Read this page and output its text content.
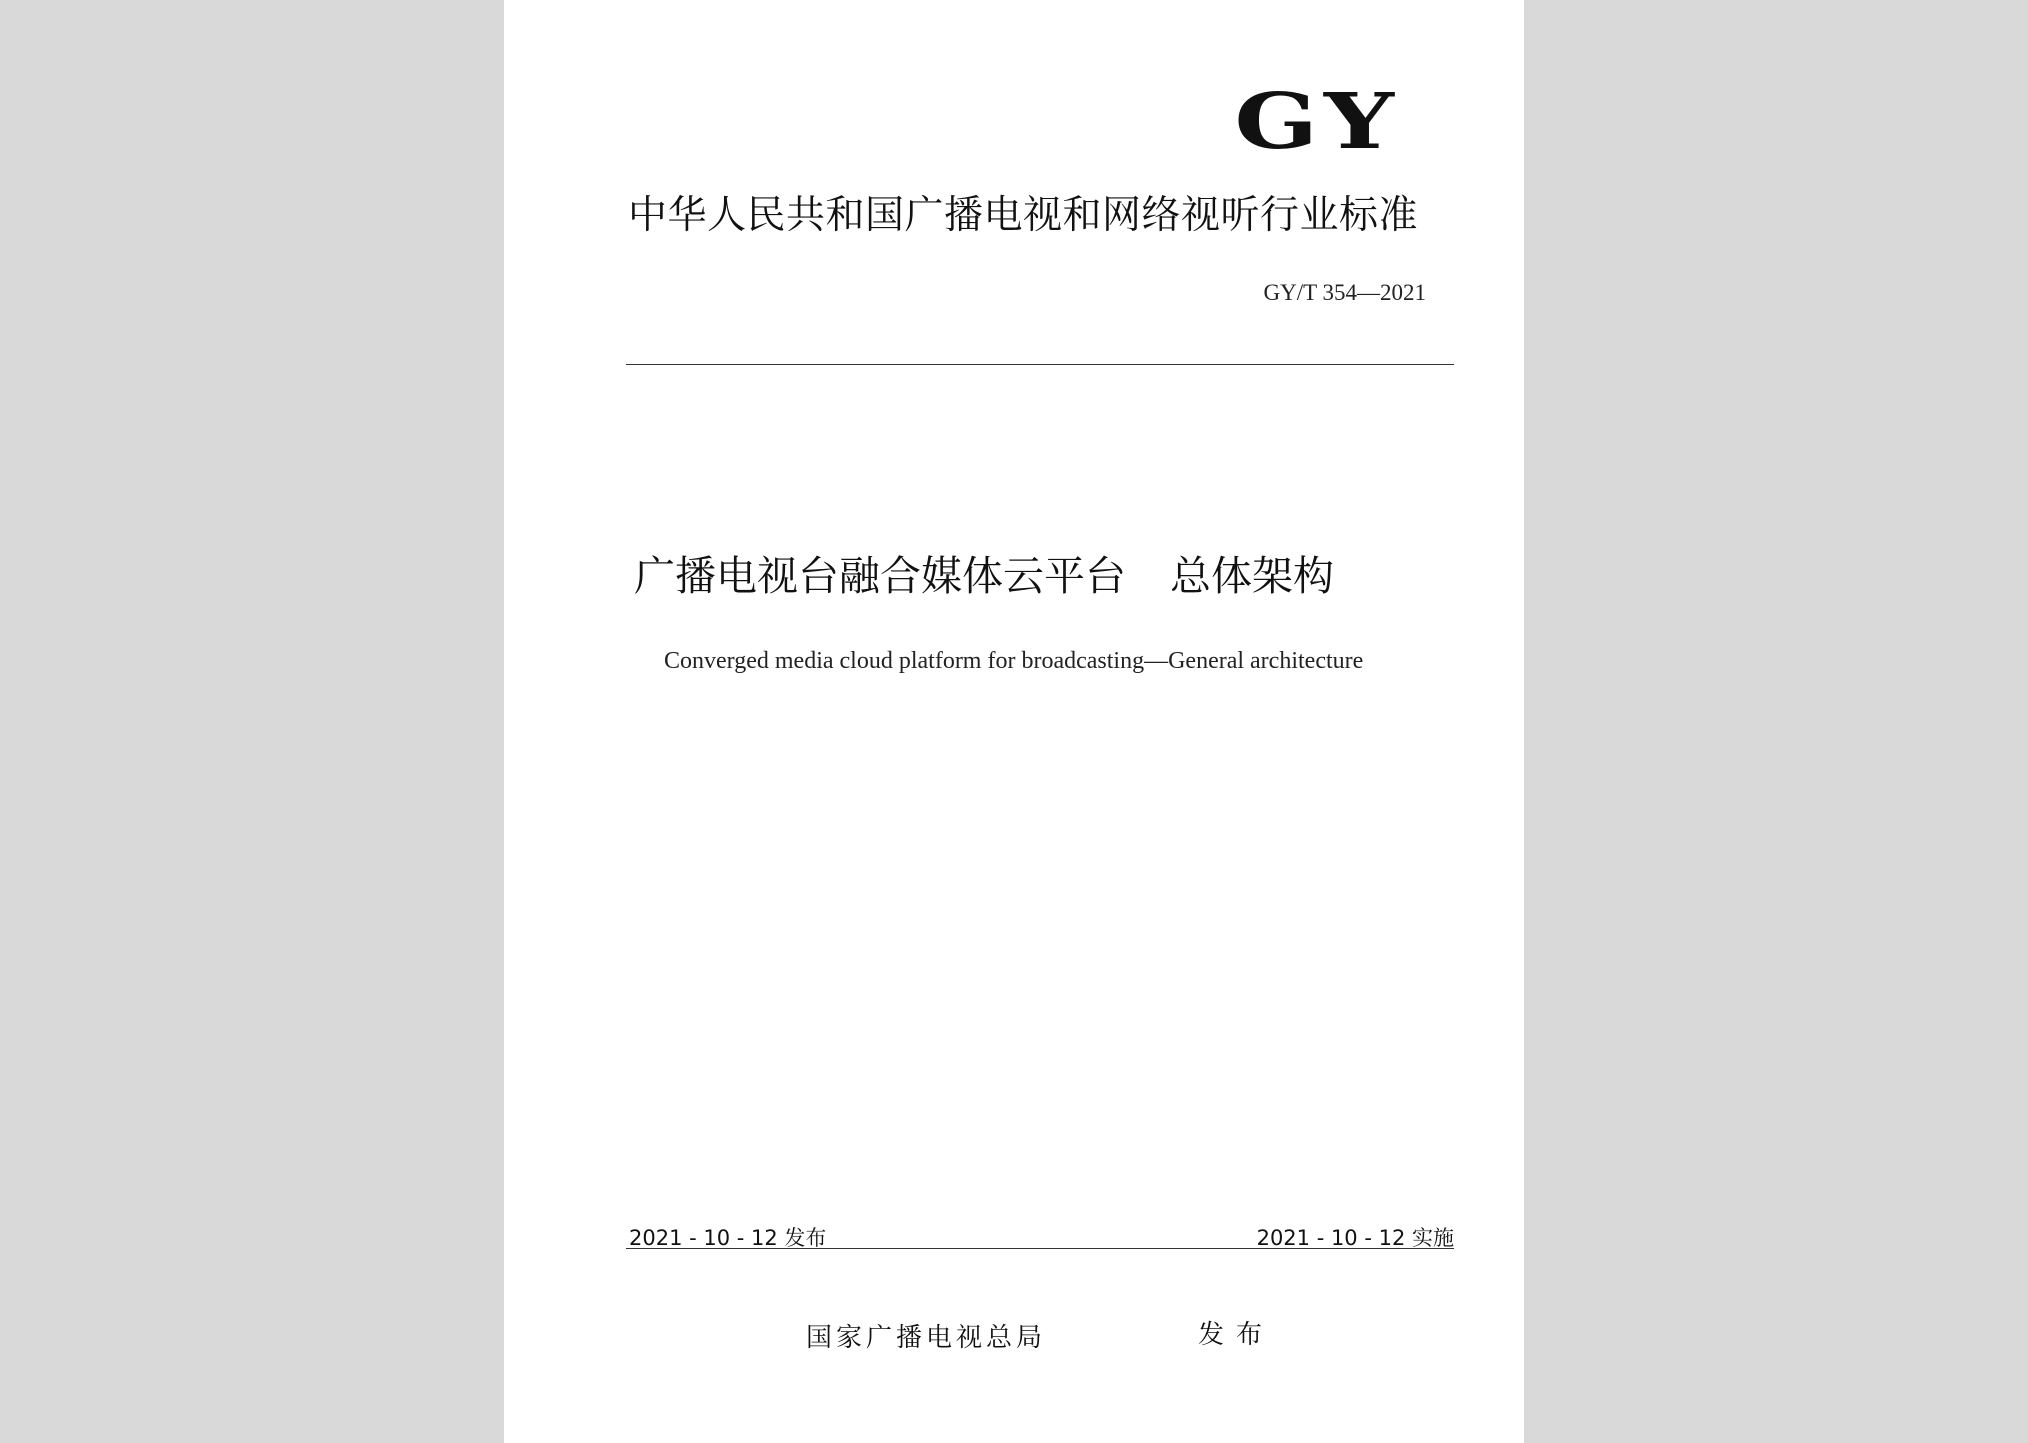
GY
中华人民共和国广播电视和网络视听行业标准
GY/T 354—2021
广播电视台融合媒体云平台 总体架构
Converged media cloud platform for broadcasting—General architecture
2021 - 10 - 12 发布	2021 - 10 - 12 实施
国家广播电视总局	发布
